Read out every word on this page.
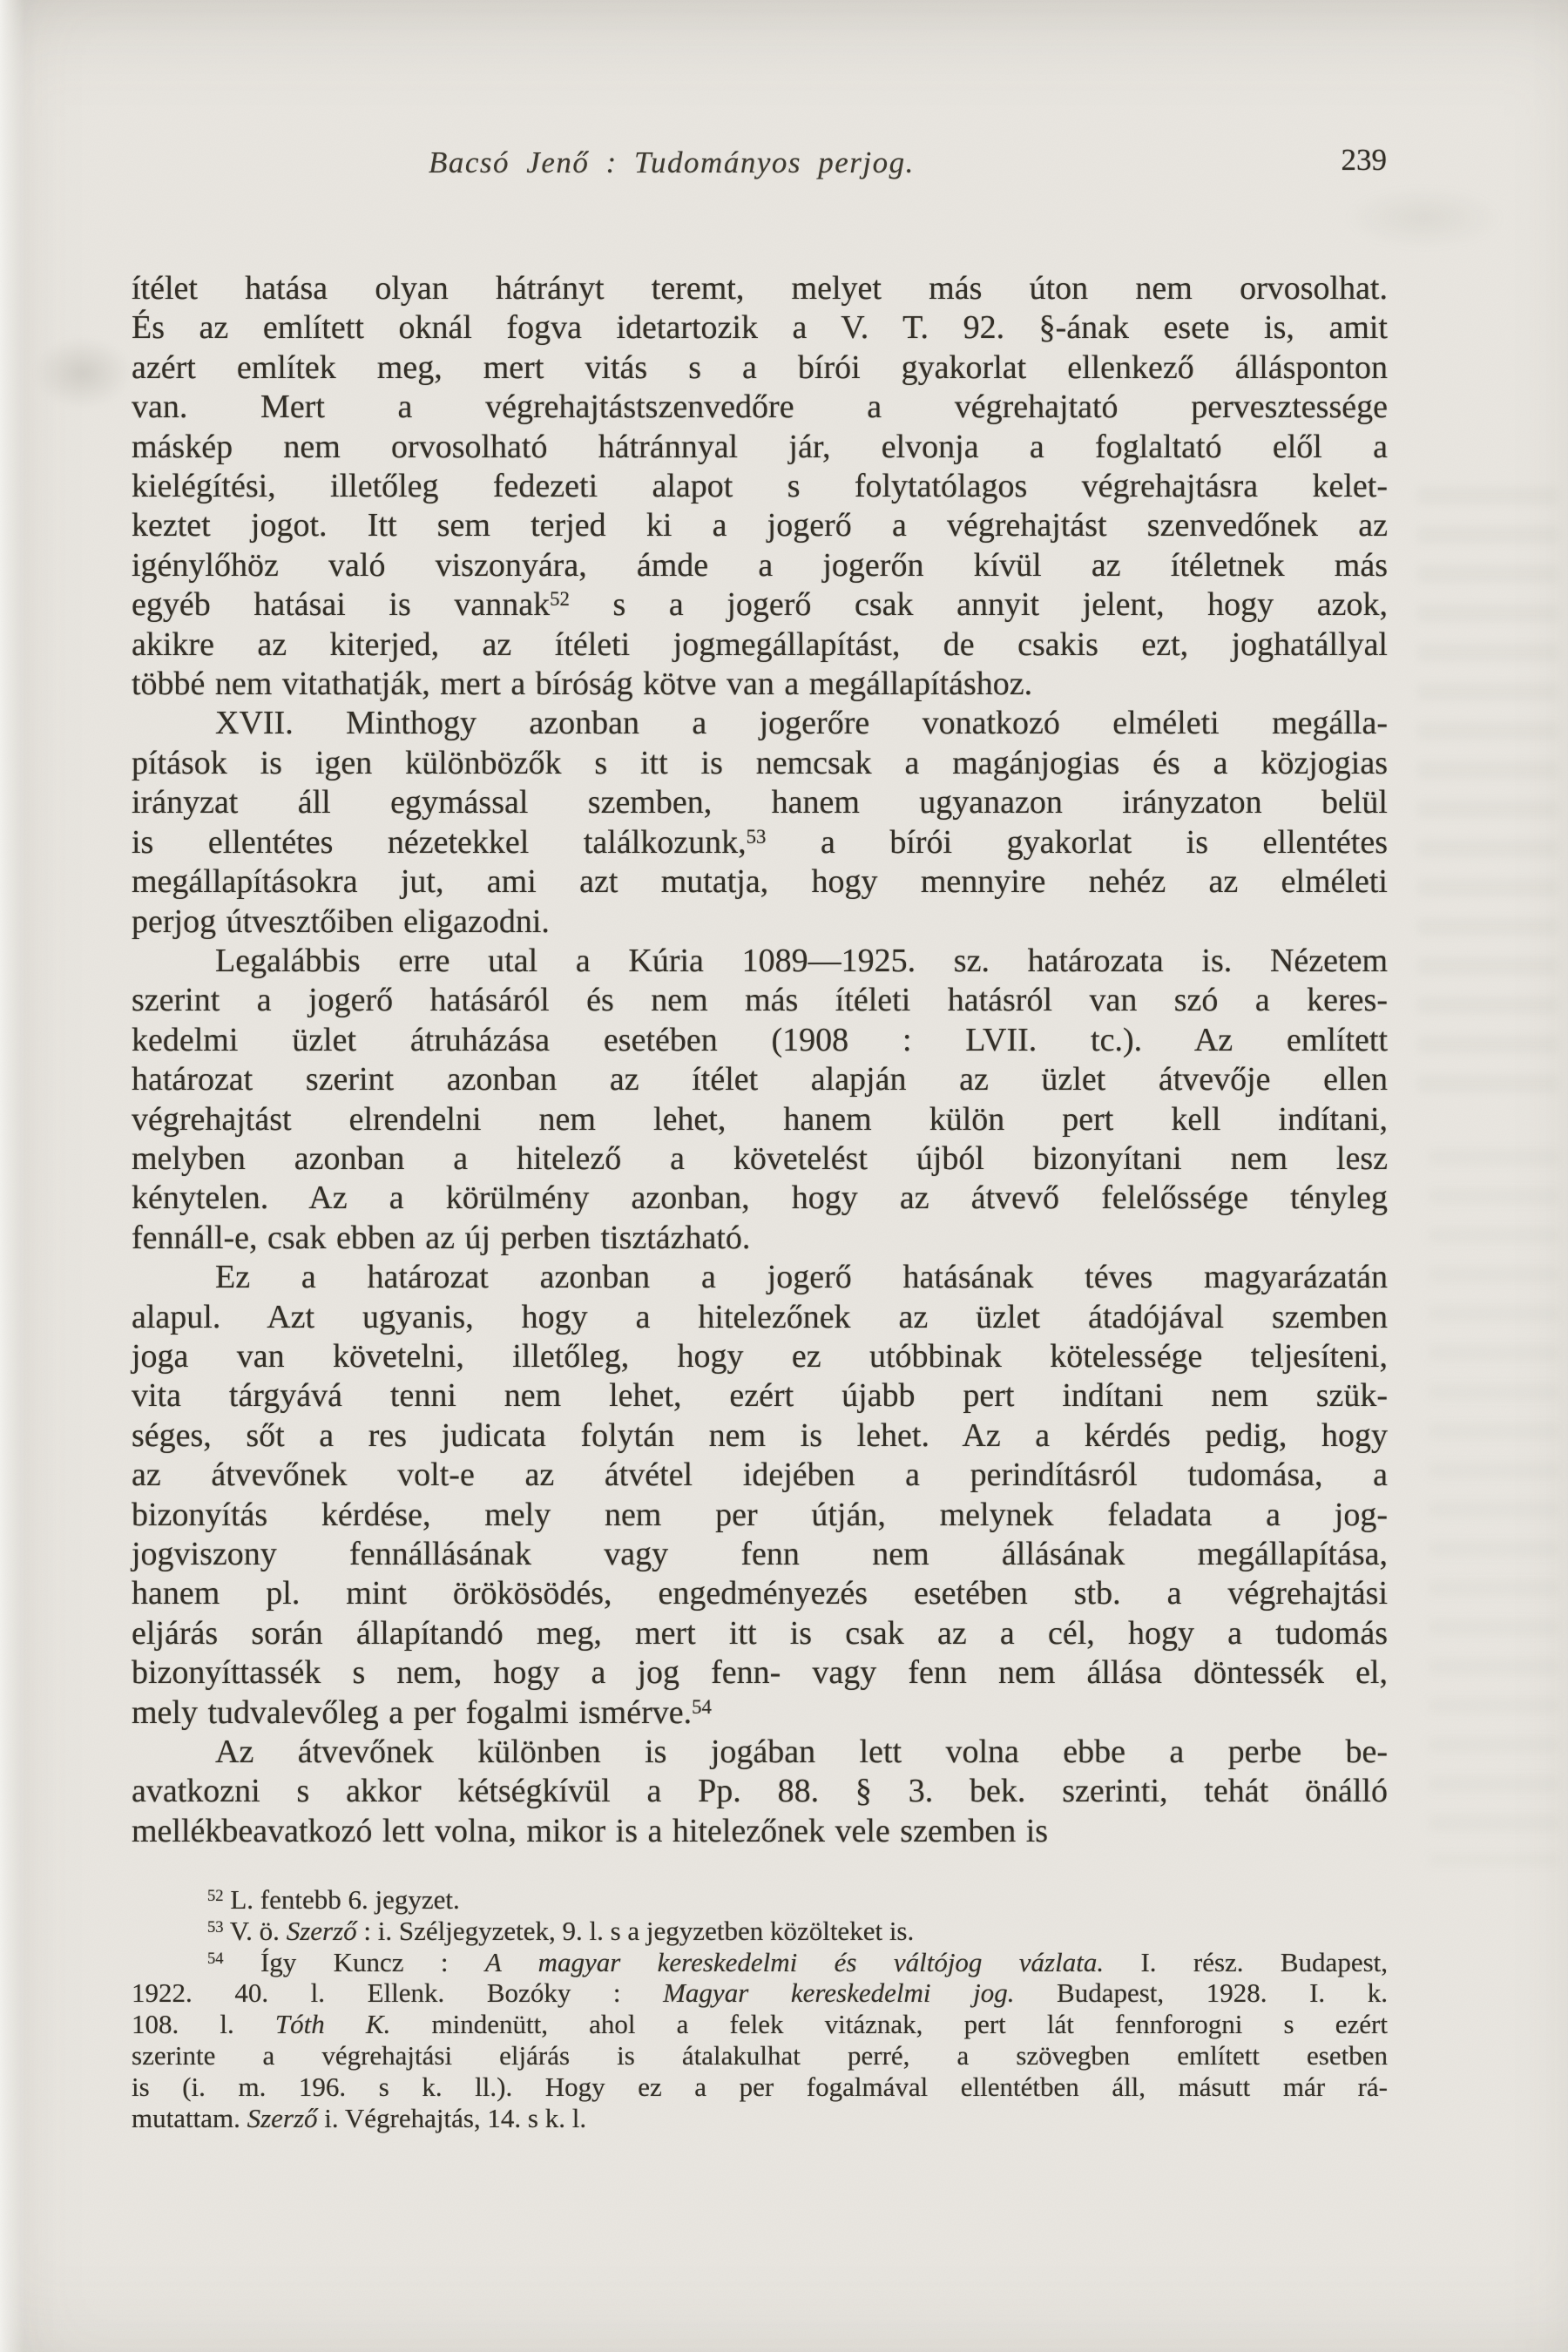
Bacsó Jenő : Tudományos perjog.	239
ítélet hatása olyan hátrányt teremt, melyet más úton nem orvosolhat.
És az említett oknál fogva idetartozik a V. T. 92. §-ának esete is, amit
azért említek meg, mert vitás s a bírói gyakorlat ellenkező állásponton
van. Mert a végrehajtástszenvedőre a végrehajtató pervesztessége
máskép nem orvosolható hátránnyal jár, elvonja a foglaltató elől a
kielégítési, illetőleg fedezeti alapot s folytatólagos végrehajtásra kelet-
keztet jogot. Itt sem terjed ki a jogerő a végrehajtást szenvedőnek az
igénylőhöz való viszonyára, ámde a jogerőn kívül az ítéletnek más
egyéb hatásai is vannak$^{52}$ s a jogerő csak annyit jelent, hogy azok,
akikre az kiterjed, az ítéleti jogmegállapítást, de csakis ezt, joghatállyal
többé nem vitathatják, mert a bíróság kötve van a megállapításhoz.
XVII. Minthogy azonban a jogerőre vonatkozó elméleti megálla-
pítások is igen különbözők s itt is nemcsak a magánjogias és a közjogias
irányzat áll egymással szemben, hanem ugyanazon irányzaton belül
is ellentétes nézetekkel találkozunk,$^{53}$ a bírói gyakorlat is ellentétes
megállapításokra jut, ami azt mutatja, hogy mennyire nehéz az elméleti
perjog útvesztőiben eligazodni.
Legalábbis erre utal a Kúria 1089—1925. sz. határozata is. Nézetem
szerint a jogerő hatásáról és nem más ítéleti hatásról van szó a keres-
kedelmi üzlet átruházása esetében (1908 : LVII. tc.). Az említett
határozat szerint azonban az ítélet alapján az üzlet átvevője ellen
végrehajtást elrendelni nem lehet, hanem külön pert kell indítani,
melyben azonban a hitelező a követelést újból bizonyítani nem lesz
kénytelen. Az a körülmény azonban, hogy az átvevő felelőssége tényleg
fennáll-e, csak ebben az új perben tisztázható.
Ez a határozat azonban a jogerő hatásának téves magyarázatán
alapul. Azt ugyanis, hogy a hitelezőnek az üzlet átadójával szemben
joga van követelni, illetőleg, hogy ez utóbbinak kötelessége teljesíteni,
vita tárgyává tenni nem lehet, ezért újabb pert indítani nem szük-
séges, sőt a res judicata folytán nem is lehet. Az a kérdés pedig, hogy
az átvevőnek volt-e az átvétel idejében a perindításról tudomása, a
bizonyítás kérdése, mely nem per útján, melynek feladata a jog-
jogviszony fennállásának vagy fenn nem állásának megállapítása,
hanem pl. mint örökösödés, engedményezés esetében stb. a végrehajtási
eljárás során állapítandó meg, mert itt is csak az a cél, hogy a tudomás
bizonyíttassék s nem, hogy a jog fenn- vagy fenn nem állása döntessék el,
mely tudvalevőleg a per fogalmi ismérve.$^{54}$
Az átvevőnek különben is jogában lett volna ebbe a perbe be-
avatkozni s akkor kétségkívül a Pp. 88. § 3. bek. szerinti, tehát önálló
mellékbeavatkozó lett volna, mikor is a hitelezőnek vele szemben is
$^{52}$ L. fentebb 6. jegyzet.
$^{53}$ V. ö. Szerző : i. Széljegyzetek, 9. l. s a jegyzetben közölteket is.
$^{54}$ Így Kuncz : A magyar kereskedelmi és váltójog vázlata. I. rész. Budapest,
1922. 40. l. Ellenk. Bozóky : Magyar kereskedelmi jog. Budapest, 1928. I. k.
108. l. Tóth K. mindenütt, ahol a felek vitáznak, pert lát fennforogni s ezért
szerinte a végrehajtási eljárás is átalakulhat perré, a szövegben említett esetben
is (i. m. 196. s k. ll.). Hogy ez a per fogalmával ellentétben áll, másutt már rá-
mutattam. Szerző i. Végrehajtás, 14. s k. l.
